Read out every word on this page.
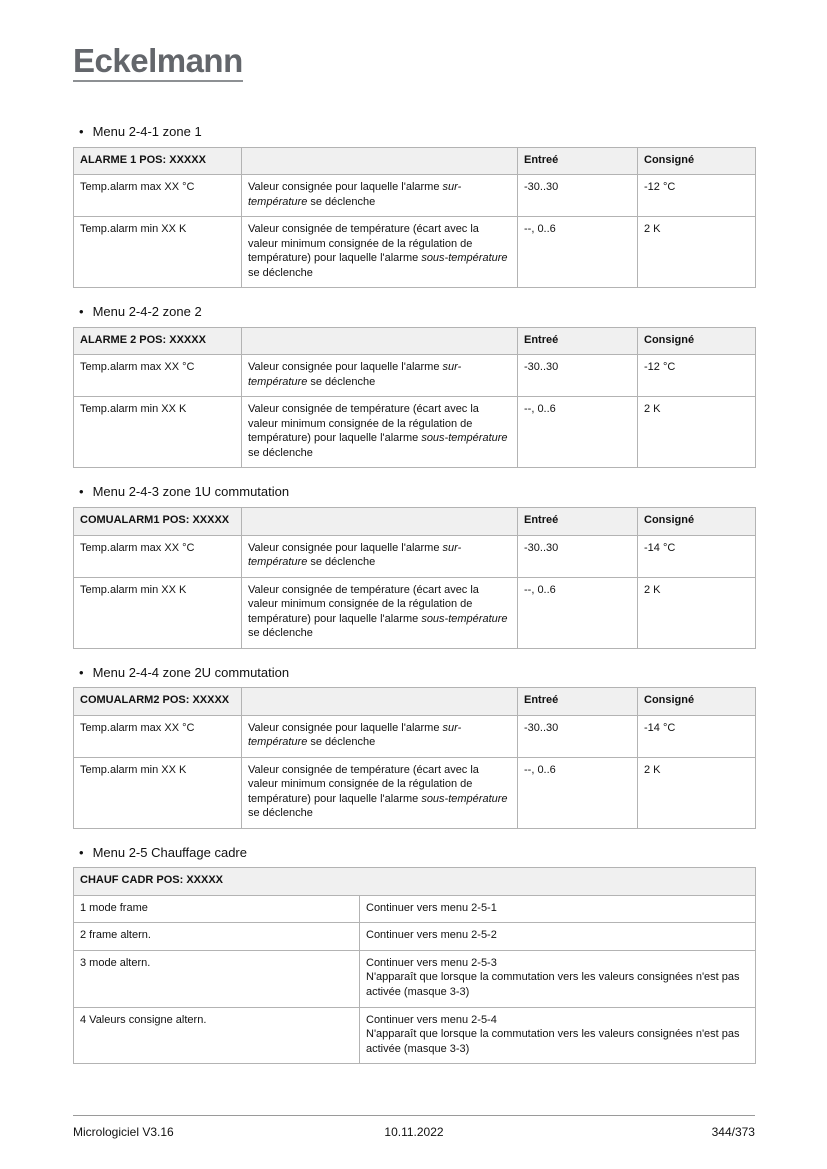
Eckelmann
• Menu 2-4-1 zone 1
ALARME 1 POS: XXXXX		Entreé	Consigné
Temp.alarm max XX °C	Valeur consignée pour laquelle l'alarme sur-température se déclenche	-30..30	-12 °C
Temp.alarm min XX K	Valeur consignée de température (écart avec la valeur minimum consignée de la régulation de température) pour laquelle l'alarme sous-température se déclenche	--, 0..6	2 K
• Menu 2-4-2 zone 2
ALARME 2 POS: XXXXX		Entreé	Consigné
Temp.alarm max XX °C	Valeur consignée pour laquelle l'alarme sur-température se déclenche	-30..30	-12 °C
Temp.alarm min XX K	Valeur consignée de température (écart avec la valeur minimum consignée de la régulation de température) pour laquelle l'alarme sous-température se déclenche	--, 0..6	2 K
• Menu 2-4-3 zone 1U commutation
COMUALARM1 POS: XXXXX		Entreé	Consigné
Temp.alarm max XX °C	Valeur consignée pour laquelle l'alarme sur-température se déclenche	-30..30	-14 °C
Temp.alarm min XX K	Valeur consignée de température (écart avec la valeur minimum consignée de la régulation de température) pour laquelle l'alarme sous-température se déclenche	--, 0..6	2 K
• Menu 2-4-4 zone 2U commutation
COMUALARM2 POS: XXXXX		Entreé	Consigné
Temp.alarm max XX °C	Valeur consignée pour laquelle l'alarme sur-température se déclenche	-30..30	-14 °C
Temp.alarm min XX K	Valeur consignée de température (écart avec la valeur minimum consignée de la régulation de température) pour laquelle l'alarme sous-température se déclenche	--, 0..6	2 K
• Menu 2-5 Chauffage cadre
CHAUF CADR POS: XXXXX	
1 mode frame	Continuer vers menu 2-5-1
2 frame altern.	Continuer vers menu 2-5-2
3 mode altern.	Continuer vers menu 2-5-3
N'apparaît que lorsque la commutation vers les valeurs consignées n'est pas activée (masque 3-3)
4 Valeurs consigne altern.	Continuer vers menu 2-5-4
N'apparaît que lorsque la commutation vers les valeurs consignées n'est pas activée (masque 3-3)
Micrologiciel V3.16	10.11.2022	344/373
